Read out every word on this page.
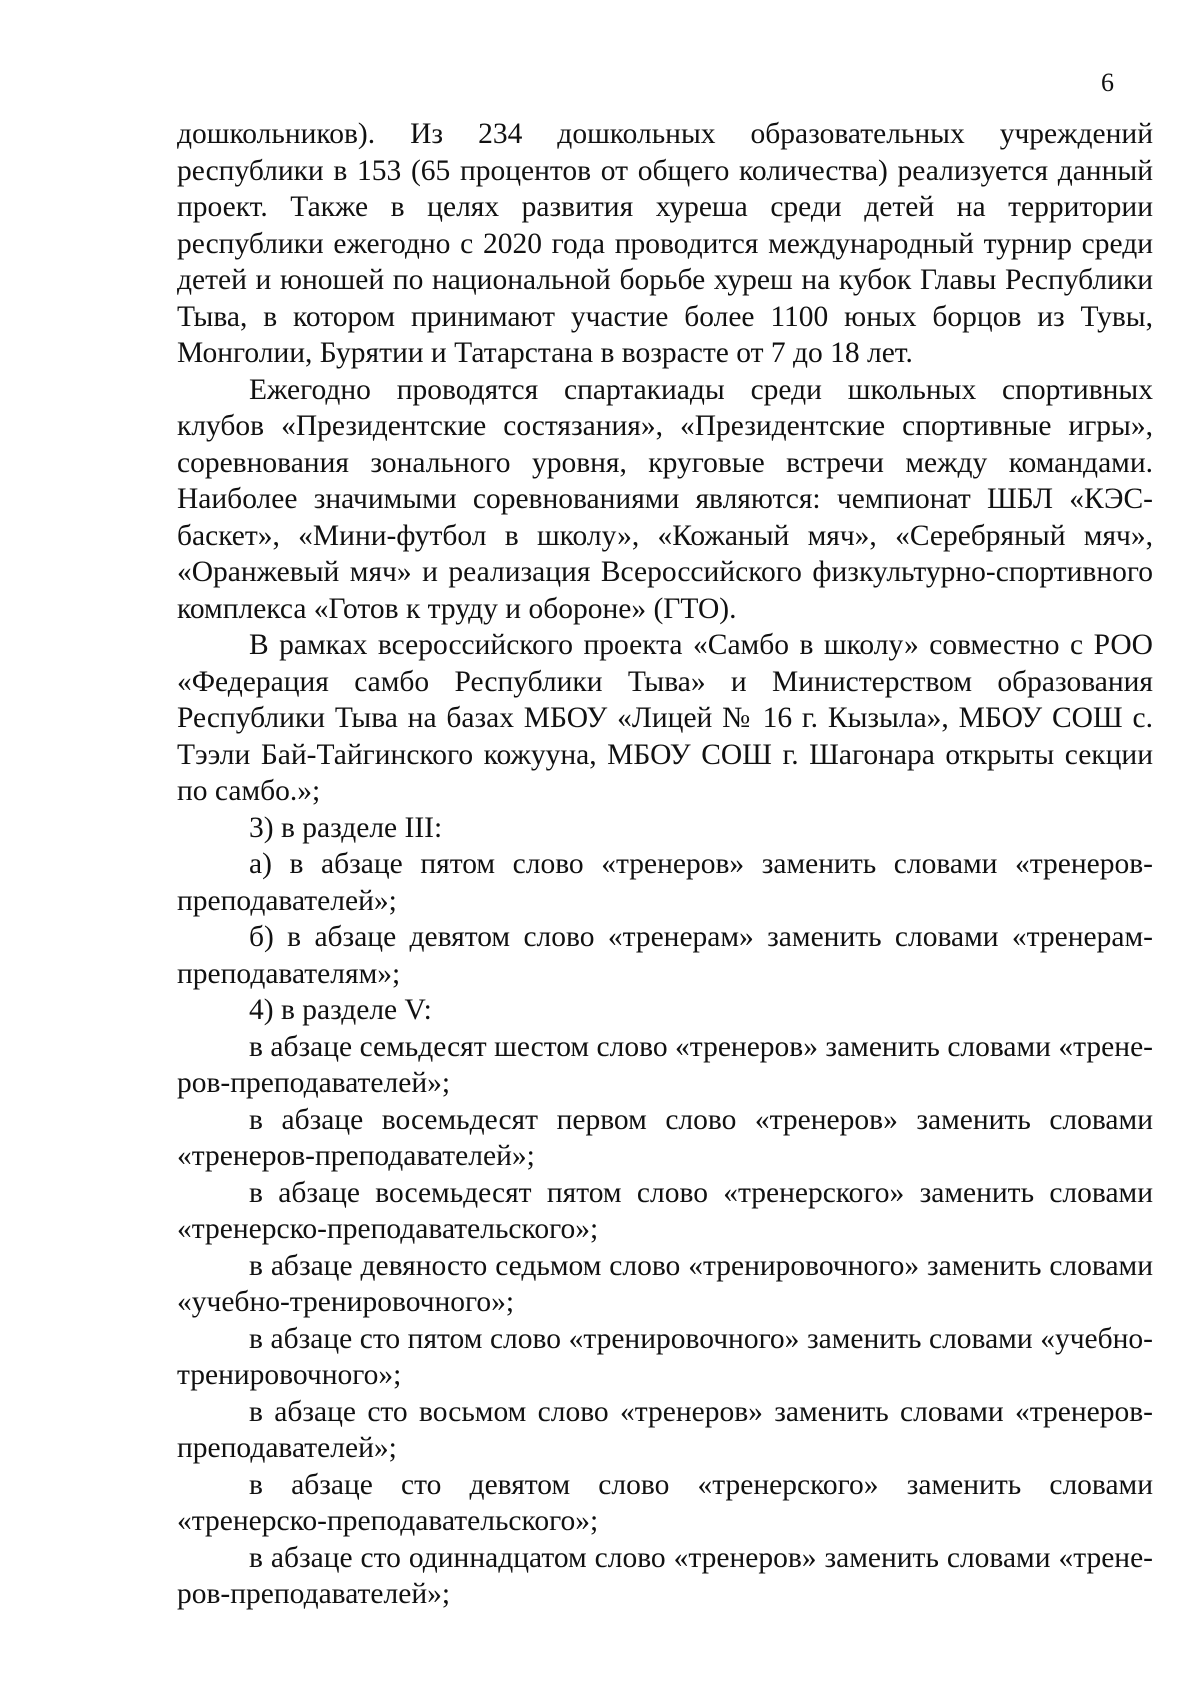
6

дошкольников). Из 234 дошкольных образовательных учреждений республики в 153 (65 процентов от общего количества) реализуется данный проект. Также в целях развития хуреша среди детей на территории республики ежегодно с 2020 года проводится международный турнир среди детей и юношей по национальной борьбе хуреш на кубок Главы Республики Тыва, в котором принимают участие более 1100 юных борцов из Тувы, Монголии, Бурятии и Татарстана в возрасте от 7 до 18 лет.

Ежегодно проводятся спартакиады среди школьных спортивных клубов «Президентские состязания», «Президентские спортивные игры», соревнования зонального уровня, круговые встречи между командами. Наиболее значимыми соревнованиями являются: чемпионат ШБЛ «КЭС-баскет», «Мини-футбол в школу», «Кожаный мяч», «Серебряный мяч», «Оранжевый мяч» и реализация Всероссийского физкультурно-спортивного комплекса «Готов к труду и обороне» (ГТО).

В рамках всероссийского проекта «Самбо в школу» совместно с РОО «Федерация самбо Республики Тыва» и Министерством образования Республики Тыва на базах МБОУ «Лицей № 16 г. Кызыла», МБОУ СОШ с. Тээли Бай-Тайгинского кожууна, МБОУ СОШ г. Шагонара открыты секции по самбо.»;

3) в разделе III:

а) в абзаце пятом слово «тренеров» заменить словами «тренеров-преподавателей»;

б) в абзаце девятом слово «тренерам» заменить словами «тренерам-преподавателям»;

4) в разделе V:

в абзаце семьдесят шестом слово «тренеров» заменить словами «тренеров-преподавателей»;

в абзаце восемьдесят первом слово «тренеров» заменить словами «тренеров-преподавателей»;

в абзаце восемьдесят пятом слово «тренерского» заменить словами «тренерско-преподавательского»;

в абзаце девяносто седьмом слово «тренировочного» заменить словами «учебно-тренировочного»;

в абзаце сто пятом слово «тренировочного» заменить словами «учебно-тренировочного»;

в абзаце сто восьмом слово «тренеров» заменить словами «тренеров-преподавателей»;

в абзаце сто девятом слово «тренерского» заменить словами «тренерско-преподавательского»;

в абзаце сто одиннадцатом слово «тренеров» заменить словами «тренеров-преподавателей»;
